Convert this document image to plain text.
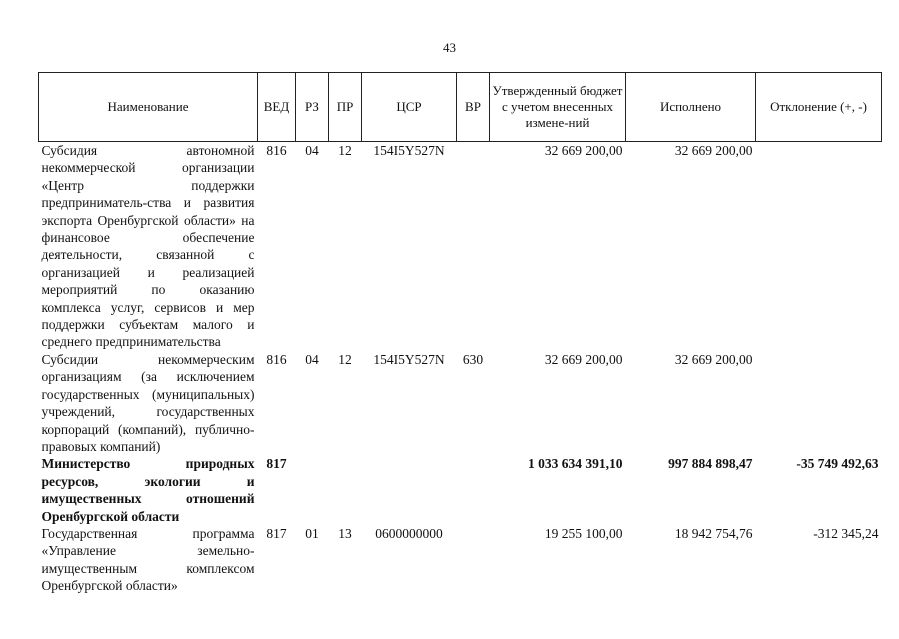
43
Наименование	ВЕД	РЗ	ПР	ЦСР	ВР	Утвержденный бюджет с учетом внесенных измене-ний	Исполнено	Отклонение (+, -)
Субсидия автономной некоммерческой организации «Центр поддержки предприниматель-ства и развития экспорта Оренбургской области» на финансовое обеспечение деятельности, связанной с организацией и реализацией мероприятий по оказанию комплекса услуг, сервисов и мер поддержки субъектам малого и среднего предпринимательства	816	04	12	154I5Y527N		32 669 200,00	32 669 200,00	
Субсидии некоммерческим организациям (за исключением государственных (муниципальных) учреждений, государственных корпораций (компаний), публично-правовых компаний)	816	04	12	154I5Y527N	630	32 669 200,00	32 669 200,00	
Министерство природных ресурсов, экологии и имущественных отношений Оренбургской области	817					1 033 634 391,10	997 884 898,47	-35 749 492,63
Государственная программа «Управление земельно-имущественным комплексом Оренбургской области»	817	01	13	0600000000		19 255 100,00	18 942 754,76	-312 345,24
